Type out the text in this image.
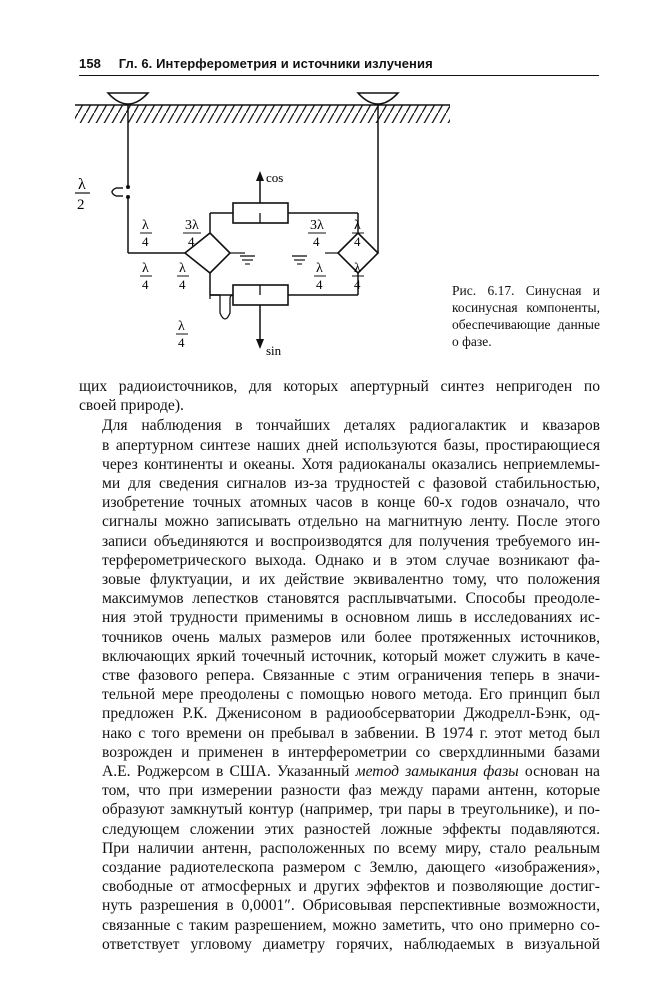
158 Гл. 6. Интерферометрия и источники излучения
λ
2
cos
sin
λ
4
3λ
4
λ
4
λ
4
λ
4
3λ
4
λ
4
λ
4
λ
4	Рис. 6.17. Синусная и косинусная компоненты, обеспечивающие данные о фазе.

щих радиоисточников, для которых апертурный синтез непригоден по
своей природе).

Для наблюдения в тончайших деталях радиогалактик и квазаров
в апертурном синтезе наших дней используются базы, простирающиеся
через континенты и океаны. Хотя радиоканалы оказались неприемлемы-
ми для сведения сигналов из-за трудностей с фазовой стабильностью,
изобретение точных атомных часов в конце 60-х годов означало, что
сигналы можно записывать отдельно на магнитную ленту. После этого
записи объединяются и воспроизводятся для получения требуемого ин-
терферометрического выхода. Однако и в этом случае возникают фа-
зовые флуктуации, и их действие эквивалентно тому, что положения
максимумов лепестков становятся расплывчатыми. Способы преодоле-
ния этой трудности применимы в основном лишь в исследованиях ис-
точников очень малых размеров или более протяженных источников,
включающих яркий точечный источник, который может служить в каче-
стве фазового репера. Связанные с этим ограничения теперь в значи-
тельной мере преодолены с помощью нового метода. Его принцип был
предложен Р.К. Дженисоном в радиообсерватории Джодрелл-Бэнк, од-
нако с того времени он пребывал в забвении. В 1974 г. этот метод был
возрожден и применен в интерферометрии со сверхдлинными базами
А.Е. Роджерсом в США. Указанный метод замыкания фазы основан на
том, что при измерении разности фаз между парами антенн, которые
образуют замкнутый контур (например, три пары в треугольнике), и по-
следующем сложении этих разностей ложные эффекты подавляются.
При наличии антенн, расположенных по всему миру, стало реальным
создание радиотелескопа размером с Землю, дающего «изображения»,
свободные от атмосферных и других эффектов и позволяющие достиг-
нуть разрешения в 0,0001″. Обрисовывая перспективные возможности,
связанные с таким разрешением, можно заметить, что оно примерно со-
ответствует угловому диаметру горячих, наблюдаемых в визуальной
